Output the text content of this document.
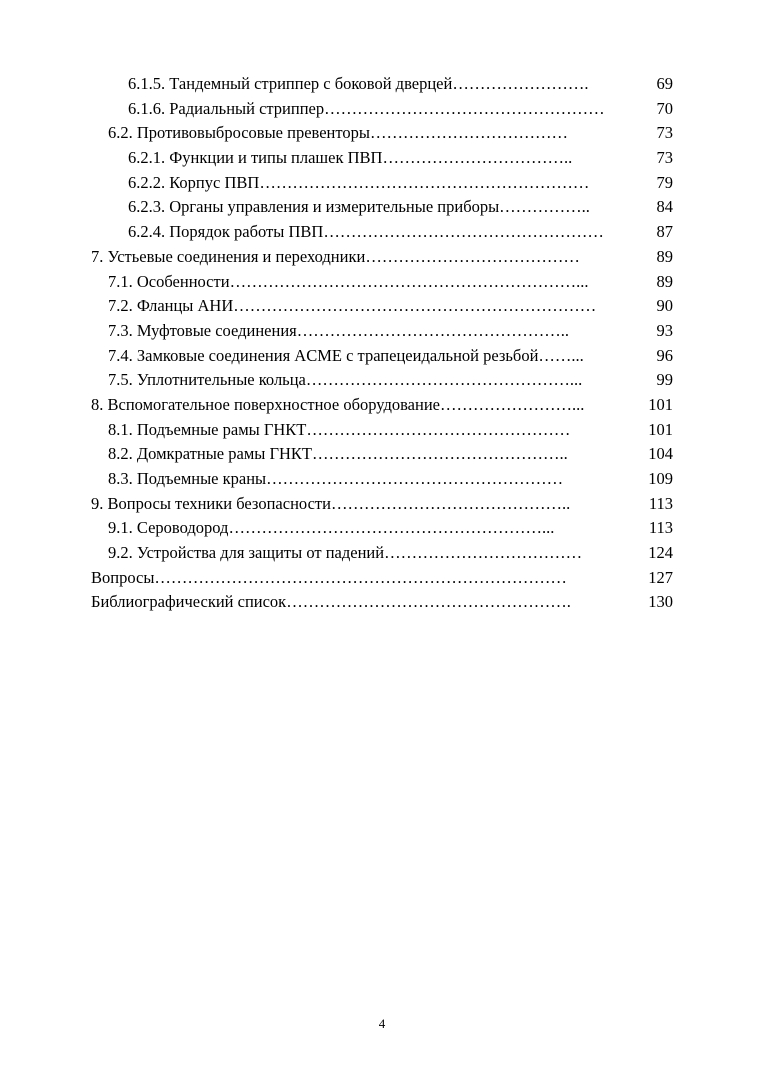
6.1.5. Тандемный стриппер с боковой дверцей …………………….	69
6.1.6. Радиальный стриппер ……………………………………………	70
6.2. Противовыбросовые превенторы ………………………………	73
6.2.1. Функции и типы плашек ПВП ……………………………..	73
6.2.2. Корпус ПВП ……………………………………………………	79
6.2.3. Органы управления и измерительные приборы ……………..	84
6.2.4. Порядок работы ПВП ……………………………………………	87
7. Устьевые соединения и переходники …………………………………	89
7.1. Особенности ………………………………………………………...	89
7.2. Фланцы АНИ …………………………………………………………	90
7.3. Муфтовые соединения …………………………………………..	93
7.4. Замковые соединения ACME с трапецеидальной резьбой ……...	96
7.5. Уплотнительные кольца …………………………………………...	99
8. Вспомогательное поверхностное оборудование ……………………...	101
8.1. Подъемные рамы ГНКТ …………………………………………	101
8.2. Домкратные рамы ГНКТ ………………………………………..	104
8.3. Подъемные краны ………………………………………………	109
9. Вопросы техники безопасности ……………………………………..	113
9.1. Сероводород …………………………………………………...	113
9.2. Устройства для защиты от падений ………………………………	124
Вопросы …………………………………………………………………	127
Библиографический список …………………………………………….	130
4
